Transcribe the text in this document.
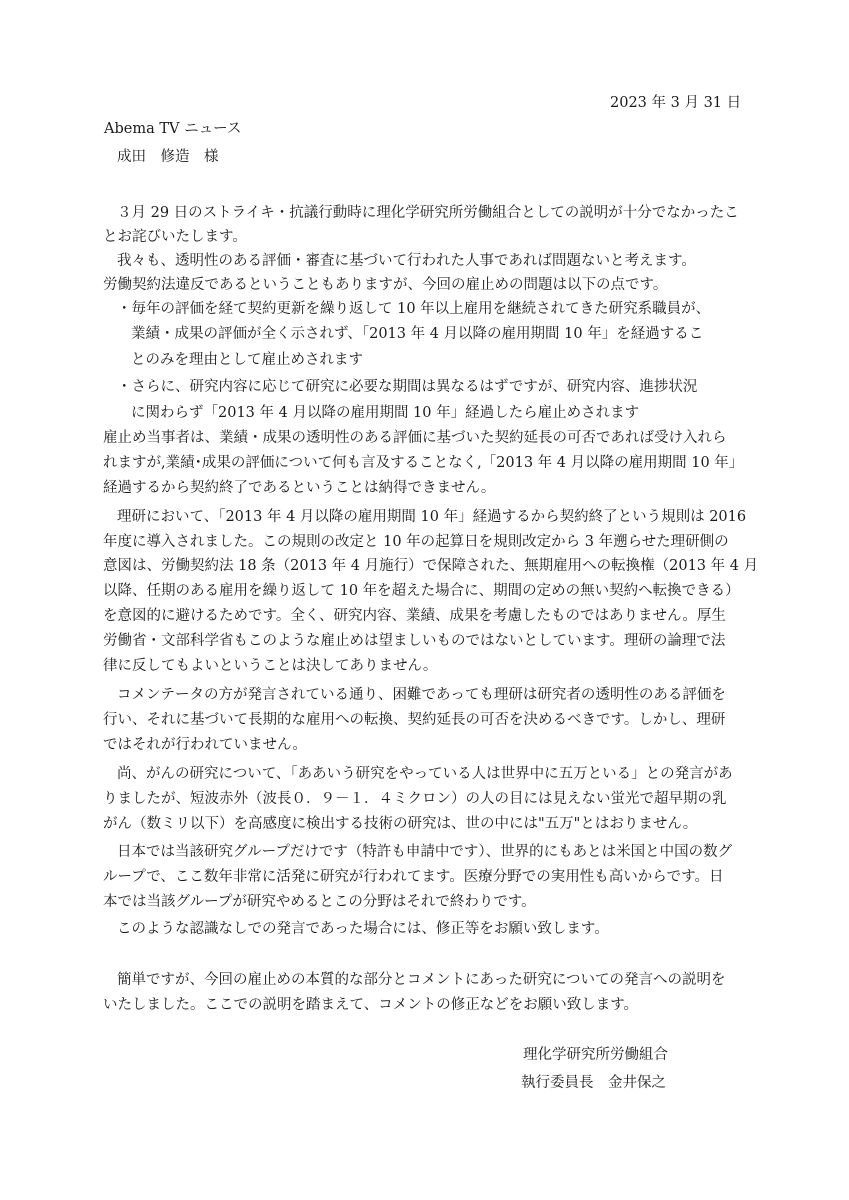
2023 年 3 月 31 日
Abema TV ニュース
成田　修造　様
３月 29 日のストライキ・抗議行動時に理化学研究所労働組合としての説明が十分でなかったこ
とお詫びいたします。
我々も、透明性のある評価・審査に基づいて行われた人事であれば問題ないと考えます。
労働契約法違反であるということもありますが、今回の雇止めの問題は以下の点です。
・毎年の評価を経て契約更新を繰り返して 10 年以上雇用を継続されてきた研究系職員が、
業績・成果の評価が全く示されず、「2013 年 4 月以降の雇用期間 10 年」を経過するこ
とのみを理由として雇止めされます
・さらに、研究内容に応じて研究に必要な期間は異なるはずですが、研究内容、進捗状況
に関わらず「2013 年 4 月以降の雇用期間 10 年」経過したら雇止めされます
雇止め当事者は、業績・成果の透明性のある評価に基づいた契約延長の可否であれば受け入れら
れますが,業績･成果の評価について何も言及することなく,「2013 年 4 月以降の雇用期間 10 年」
経過するから契約終了であるということは納得できません。
理研において、「2013 年 4 月以降の雇用期間 10 年」経過するから契約終了という規則は 2016
年度に導入されました。この規則の改定と 10 年の起算日を規則改定から 3 年遡らせた理研側の
意図は、労働契約法 18 条（2013 年 4 月施行）で保障された、無期雇用への転換権（2013 年 4 月
以降、任期のある雇用を繰り返して 10 年を超えた場合に、期間の定めの無い契約へ転換できる）
を意図的に避けるためです。全く、研究内容、業績、成果を考慮したものではありません。厚生
労働省・文部科学省もこのような雇止めは望ましいものではないとしています。理研の論理で法
律に反してもよいということは決してありません。
コメンテータの方が発言されている通り、困難であっても理研は研究者の透明性のある評価を
行い、それに基づいて長期的な雇用への転換、契約延長の可否を決めるべきです。しかし、理研
ではそれが行われていません。
尚、がんの研究について、「ああいう研究をやっている人は世界中に五万といる」との発言があ
りましたが、短波赤外（波長０．９－１．４ミクロン）の人の目には見えない蛍光で超早期の乳
がん（数ミリ以下）を高感度に検出する技術の研究は、世の中には"五万"とはおりません。
日本では当該研究グループだけです（特許も申請中です）、世界的にもあとは米国と中国の数グ
ループで、ここ数年非常に活発に研究が行われてます。医療分野での実用性も高いからです。日
本では当該グループが研究やめるとこの分野はそれで終わりです。
このような認識なしでの発言であった場合には、修正等をお願い致します。
簡単ですが、今回の雇止めの本質的な部分とコメントにあった研究についての発言への説明を
いたしました。ここでの説明を踏まえて、コメントの修正などをお願い致します。
理化学研究所労働組合
執行委員長　金井保之
